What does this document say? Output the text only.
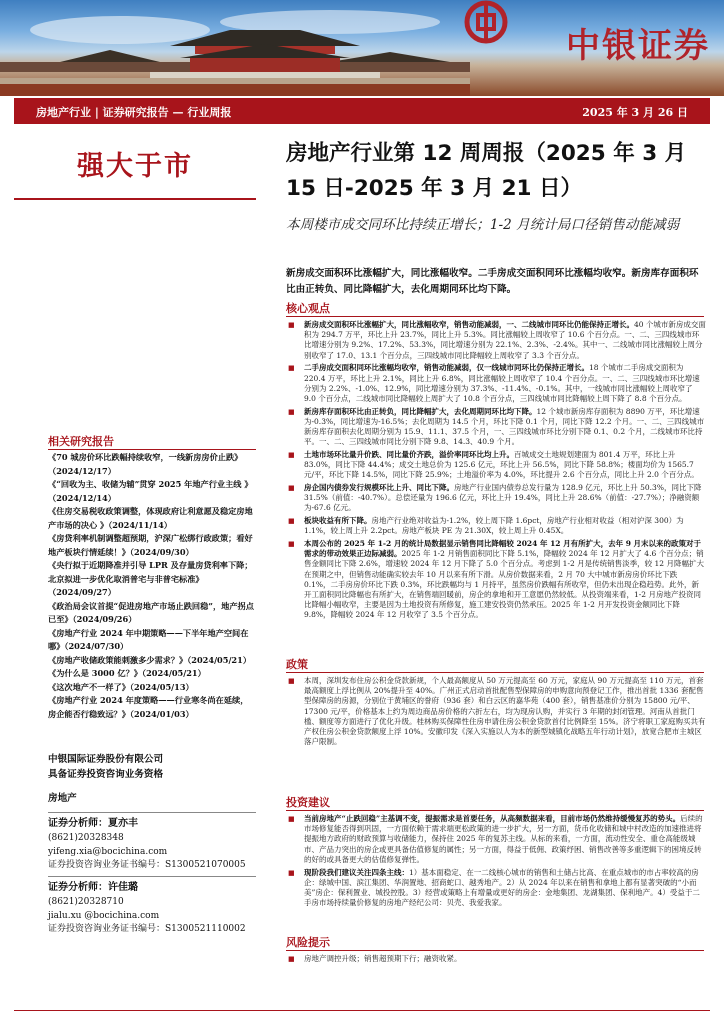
中银证券
房地产行业 | 证券研究报告 — 行业周报	2025 年 3 月 26 日
强大于市
相关研究报告
《70 城房价环比跌幅持续收窄，一线新房房价止跌》（2024/12/17）
《“回收为主、收储为辅”贯穿 2025 年地产行业主线 》（2024/12/14）
《住房交易税收政策调整，体现政府让利意愿及稳定房地产市场的决心 》（2024/11/14）
《房贷利率机制调整超预期，沪深广松绑行政政策；看好地产板块行情延续！》（2024/09/30）
《央行拟于近期降准并引导 LPR 及存量房贷利率下降；北京拟进一步优化取消普宅与非普宅标准》（2024/09/27）
《政治局会议首提“促进房地产市场止跌回稳”，地产拐点已至》（2024/09/26）
《房地产行业 2024 年中期策略——下半年地产空间在哪》（2024/07/30）
《房地产收储政策能刺激多少需求？》（2024/05/21）
《为什么是 3000 亿？》（2024/05/21）
《这次地产不一样了》（2024/05/13）
《房地产行业 2024 年度策略——行业寒冬尚在延续，房企能否行稳致远？》（2024/01/03）
中银国际证券股份有限公司
具备证券投资咨询业务资格
房地产
证券分析师：夏亦丰
(8621)20328348
yifeng.xia@bocichina.com
证券投资咨询业务证书编号：S1300521070005
证券分析师：许佳璐
(8621)20328710
jialu.xu @bocichina.com
证券投资咨询业务证书编号：S1300521110002
房地产行业第 12 周周报（2025 年 3 月 15 日-2025 年 3 月 21 日）
本周楼市成交同环比持续正增长；1-2 月统计局口径销售动能减弱
新房成交面积环比涨幅扩大，同比涨幅收窄。二手房成交面积同环比涨幅均收窄。新房库存面积环比由正转负、同比降幅扩大，去化周期同环比均下降。
核心观点
■ 新房成交面积环比涨幅扩大，同比涨幅收窄，销售动能减弱，一、二线城市同环比仍能保持正增长。40 个城市新房成交面积为 294.7 万平，环比上升 23.7%，同比上升 5.3%。同比涨幅较上周收窄了 10.6 个百分点。一、二、三四线城市环比增速分别为 9.2%、17.2%、53.3%，同比增速分别为 22.1%、2.3%、-2.4%。其中一、二线城市同比涨幅较上周分别收窄了 17.0、13.1 个百分点，三四线城市同比降幅较上周收窄了 3.3 个百分点。
■ 二手房成交面积同环比涨幅均收窄，销售动能减弱，仅一线城市同环比仍保持正增长。18 个城市二手房成交面积为 220.4 万平，环比上升 2.1%，同比上升 6.8%，同比涨幅较上周收窄了 10.4 个百分点。一、二、三四线城市环比增速分别为 2.2%、-1.0%、12.9%，同比增速分别为 37.3%、-11.4%、-0.1%。其中，一线城市同比涨幅较上周收窄了 9.0 个百分点，二线城市同比降幅较上周扩大了 10.8 个百分点，三四线城市同比降幅较上周下降了 8.8 个百分点。
■ 新房库存面积环比由正转负，同比降幅扩大，去化周期同环比均下降。12 个城市新房库存面积为 8890 万平，环比增速为-0.3%，同比增速为-16.5%；去化周期为 14.5 个月，环比下降 0.1 个月，同比下降 12.2 个月。一、二、三四线城市新房库存面积去化周期分别为 15.9、11.1、37.5 个月，一、三四线城市环比分别下降 0.1、0.2 个月，二线城市环比持平。一、二、三四线城市同比分别下降 9.8、14.3、40.9 个月。
■ 土地市场环比量升价跌、同比量价齐跌，溢价率同环比均上升。百城成交土地规划建面为 801.4 万平，环比上升 83.0%，同比下降 44.4%；成交土地总价为 125.6 亿元，环比上升 56.5%，同比下降 58.8%；楼面均价为 1565.7 元/平，环比下降 14.5%，同比下降 25.9%；土地溢价率为 4.0%，环比提升 2.6 个百分点，同比上升 2.0 个百分点。
■ 房企国内债券发行规模环比上升、同比下降。房地产行业国内债券总发行量为 128.9 亿元，环比上升 50.3%，同比下降 31.5%（前值：-40.7%）。总偿还量为 196.6 亿元，环比上升 19.4%，同比上升 28.6%（前值：-27.7%）；净融资额为-67.6 亿元。
■ 板块收益有所下降。房地产行业绝对收益为-1.2%，较上周下降 1.6pct，房地产行业相对收益（相对沪深 300）为 1.1%，较上周上升 2.2pct。房地产板块 PE 为 21.30X，较上周上升 0.45X。
■ 本周公布的 2025 年 1-2 月的统计局数据显示销售同比降幅较 2024 年 12 月有所扩大，去年 9 月末以来的政策对于需求的带动效果正边际减弱。2025 年 1-2 月销售面积同比下降 5.1%，降幅较 2024 年 12 月扩大了 4.6 个百分点；销售金额同比下降 2.6%，增速较 2024 年 12 月下降了 5.0 个百分点。考虑到 1-2 月是传统销售淡季，较 12 月降幅扩大在预期之中，但销售动能确实较去年 10 月以来有所下滑。从房价数据来看，2 月 70 大中城市新房房价环比下跌 0.1%，二手房房价环比下跌 0.3%，环比跌幅均与 1 月持平，虽然房价跌幅有所收窄，但仍未出现企稳趋势。此外，新开工面积同比降幅也有所扩大，在销售端回暖前，房企的拿地和开工意愿仍然较低。从投资端来看，1-2 月房地产投资同比降幅小幅收窄，主要是因为土地投资有所修复，施工建安投资仍然承压。2025 年 1-2 月开发投资金额同比下降 9.8%，降幅较 2024 年 12 月收窄了 3.5 个百分点。
政策
■ 本周，深圳发布住房公积金贷款新规，个人最高额度从 50 万元提高至 60 万元，家庭从 90 万元提高至 110 万元，首套最高额度上浮比例从 20%提升至 40%。广州正式启动首批配售型保障房的申购意向预登记工作，推出首批 1336 套配售型保障房的房源，分别位于黄埔区的誉府（936 套）和白云区的嘉华苑（400 套），销售基准价分别为 15800 元/平、17300 元/平，价格基本上约为周边商品房价格的六折左右，均为现房认购，并实行 3 年期的封闭管理。河南从首批门槛、额度等方面进行了优化升级。桂林购买保障性住房申请住房公积金贷款首付比例降至 15%。济宁将职工家庭购买共有产权住房公积金贷款额度上浮 10%。安徽印发《深入实施以人为本的新型城镇化战略五年行动计划》，放宽合肥市主城区落户限制。
投资建议
■ 当前房地产“止跌回稳”主基调不变，提振需求是首要任务，从高频数据来看，目前市场仍然维持缓慢复苏的势头。后续的市场修复能否得到巩固，一方面依赖于需求端更松政策的进一步扩大，另一方面，货币化收储和城中村改造的加速推进将提振地方政府的财政预算与收储能力，保持住 2025 年的复苏主线。从标的来看，一方面，流动性安全、重仓高能级城市、产品力突出的房企或更具备估值修复的属性；另一方面，得益于低佣、政策纾困、销售改善等多重逻辑下的困境反转的好的或具备更大的估值修复弹性。
■ 现阶段我们建议关注四条主线：1）基本面稳定、在一二线核心城市的销售和土储占比高、在重点城市的市占率较高的房企：绿城中国、滨江集团、华润置地、招商蛇口、越秀地产。2）从 2024 年以来在销售和拿地上都有显著突破的“小而美”房企：保利置业、城投控股。3）经营或策略上有增量或更好的房企：金地集团、龙湖集团、保利地产。4）受益于二手房市场持续量价修复的房地产经纪公司：贝壳、我爱我家。
风险提示
■ 房地产调控升级；销售超预期下行；融资收紧。
